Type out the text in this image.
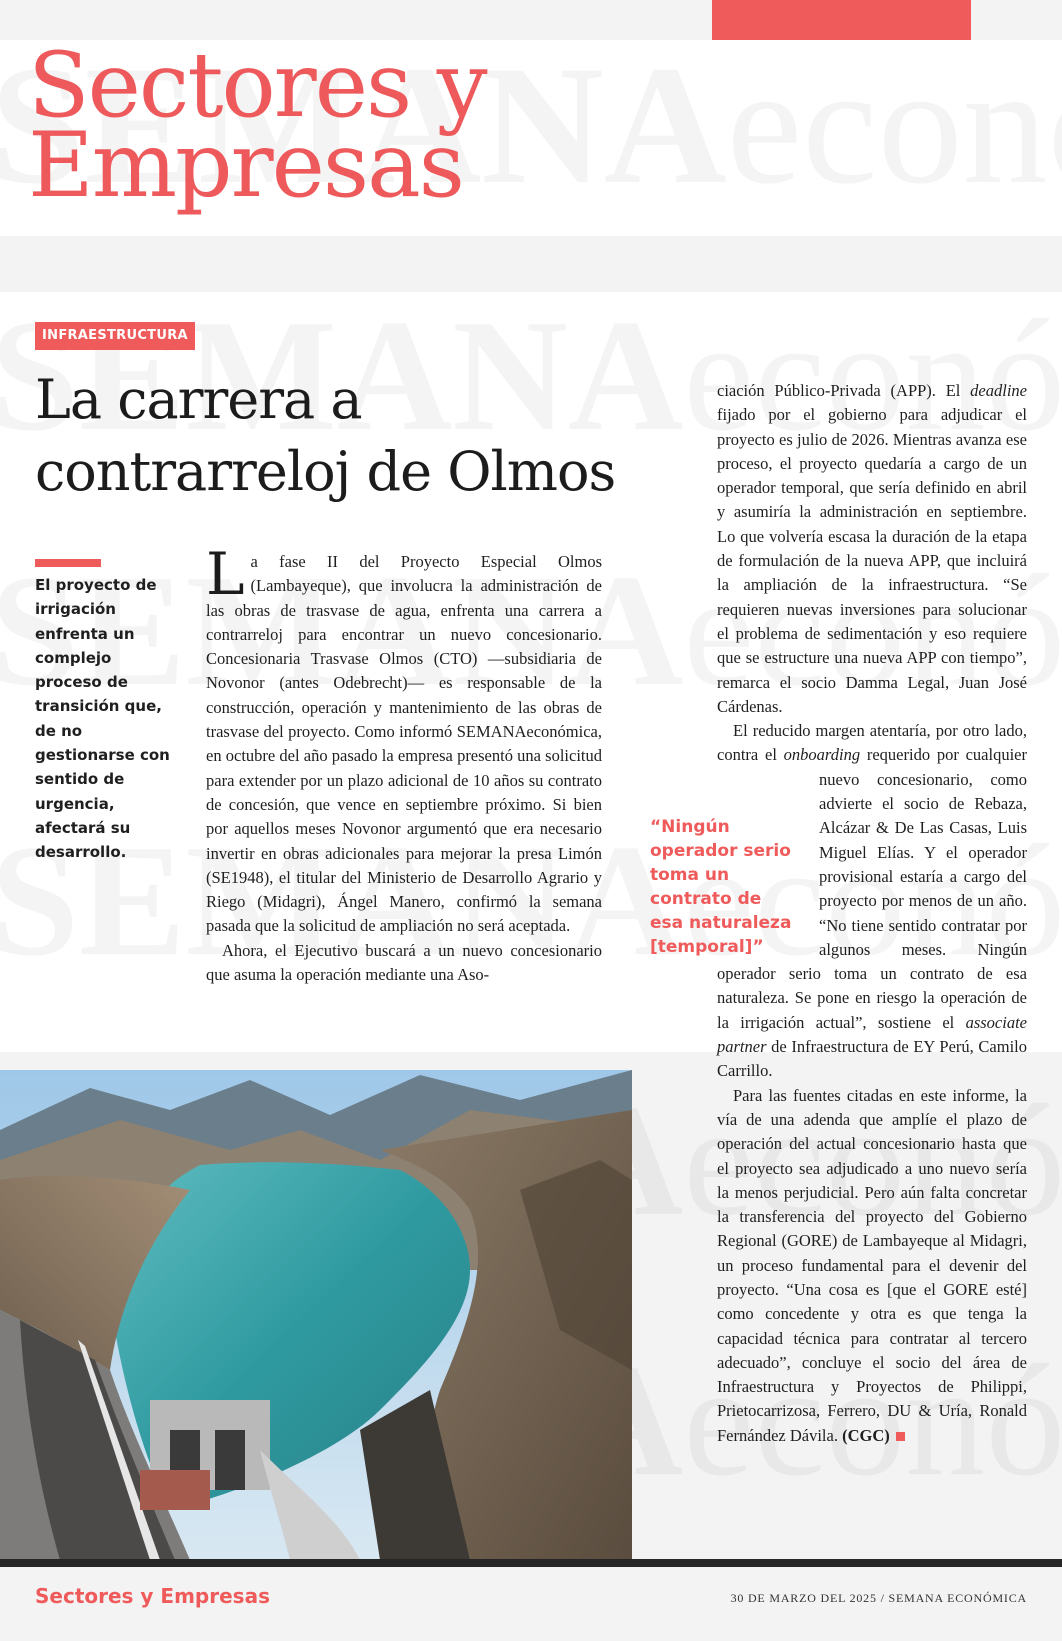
Sectores y
Empresas
INFRAESTRUCTURA
La carrera a contrarreloj de Olmos
El proyecto de irrigación enfrenta un complejo proceso de transición que, de no gestionarse con sentido de urgencia, afectará su desarrollo.

La fase II del Proyecto Especial Olmos (Lambayeque), que involucra la administración de las obras de trasvase de agua, enfrenta una carrera a contrarreloj para encontrar un nuevo concesionario. Concesionaria Trasvase Olmos (CTO) —subsidiaria de Novonor (antes Odebrecht)— es responsable de la construcción, operación y mantenimiento de las obras de trasvase del proyecto. Como informó SEMANAeconómica, en octubre del año pasado la empresa presentó una solicitud para extender por un plazo adicional de 10 años su contrato de concesión, que vence en septiembre próximo. Si bien por aquellos meses Novonor argumentó que era necesario invertir en obras adicionales para mejorar la presa Limón (SE1948), el titular del Ministerio de Desarrollo Agrario y Riego (Midagri), Ángel Manero, confirmó la semana pasada que la solicitud de ampliación no será aceptada.

Ahora, el Ejecutivo buscará a un nuevo concesionario que asuma la operación mediante una Aso-

ciación Público-Privada (APP). El deadline fijado por el gobierno para adjudicar el proyecto es julio de 2026. Mientras avanza ese proceso, el proyecto quedaría a cargo de un operador temporal, que sería definido en abril y asumiría la administración en septiembre. Lo que volvería escasa la duración de la etapa de formulación de la nueva APP, que incluirá la ampliación de la infraestructura. “Se requieren nuevas inversiones para solucionar el problema de sedimentación y eso requiere que se estructure una nueva APP con tiempo”, remarca el socio Damma Legal, Juan José Cárdenas.

El reducido margen atentaría, por otro lado, contra el onboarding
requerido por cualquier nuevo concesionario, como advierte el socio de Rebaza, Alcázar & De Las Casas, Luis Miguel Elías. Y el operador provisional estaría a cargo del proyecto por menos de un año. “No tiene sentido contratar por algunos meses. Ningún operador serio toma un contrato de esa naturaleza. Se pone en riesgo la operación de la irrigación actual”, sostiene el associate partner de Infraestructura de EY Perú, Camilo Carrillo.

Para las fuentes citadas en este informe, la vía de una adenda que amplíe el plazo de operación del actual concesionario hasta que el proyecto sea adjudicado a uno nuevo sería la menos perjudicial. Pero aún falta concretar la transferencia del proyecto del Gobierno Regional (GORE) de Lambayeque al Midagri, un proceso fundamental para el devenir del proyecto. “Una cosa es [que el GORE esté] como concedente y otra es que tenga la capacidad técnica para contratar al tercero adecuado”, concluye el socio del área de Infraestructura y Proyectos de Philippi, Prietocarrizosa, Ferrero, DU & Uría, Ronald Fernández Dávila. (CGC)

“Ningún operador serio toma un contrato de esa naturaleza [temporal]”
Sectores y Empresas	30 DE MARZO DEL 2025 / SEMANA ECONÓMICA
